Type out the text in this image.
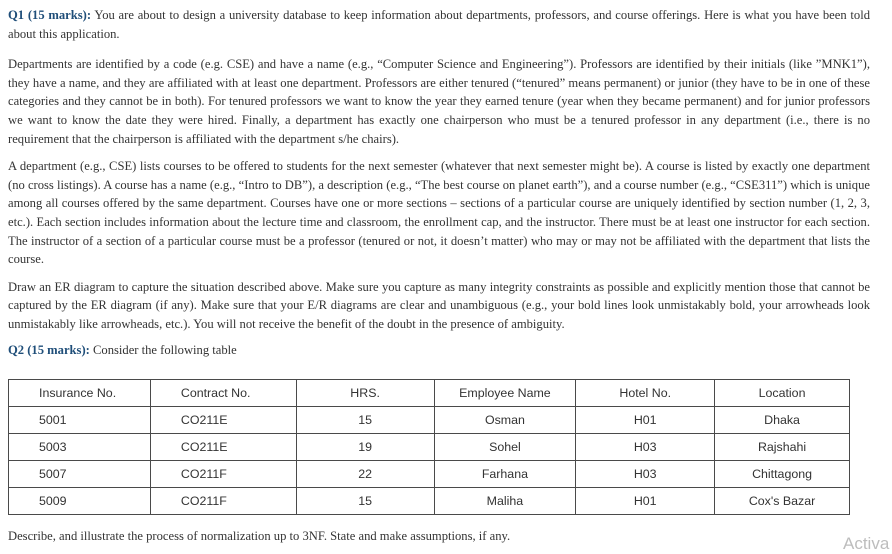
Q1 (15 marks): You are about to design a university database to keep information about departments, professors, and course offerings. Here is what you have been told about this application.

Departments are identified by a code (e.g. CSE) and have a name (e.g., “Computer Science and Engineering”). Professors are identified by their initials (like ”MNK1”), they have a name, and they are affiliated with at least one department. Professors are either tenured (“tenured” means permanent) or junior (they have to be in one of these categories and they cannot be in both). For tenured professors we want to know the year they earned tenure (year when they became permanent) and for junior professors we want to know the date they were hired. Finally, a department has exactly one chairperson who must be a tenured professor in any department (i.e., there is no requirement that the chairperson is affiliated with the department s/he chairs).

A department (e.g., CSE) lists courses to be offered to students for the next semester (whatever that next semester might be). A course is listed by exactly one department (no cross listings). A course has a name (e.g., “Intro to DB”), a description (e.g., “The best course on planet earth”), and a course number (e.g., “CSE311”) which is unique among all courses offered by the same department. Courses have one or more sections – sections of a particular course are uniquely identified by section number (1, 2, 3, etc.). Each section includes information about the lecture time and classroom, the enrollment cap, and the instructor. There must be at least one instructor for each section. The instructor of a section of a particular course must be a professor (tenured or not, it doesn’t matter) who may or may not be affiliated with the department that lists the course.

Draw an ER diagram to capture the situation described above. Make sure you capture as many integrity constraints as possible and explicitly mention those that cannot be captured by the ER diagram (if any). Make sure that your E/R diagrams are clear and unambiguous (e.g., your bold lines look unmistakably bold, your arrowheads look unmistakably like arrowheads, etc.). You will not receive the benefit of the doubt in the presence of ambiguity.

Q2 (15 marks): Consider the following table

Insurance No.	Contract No.	HRS.	Employee Name	Hotel No.	Location
5001	CO211E	15	Osman	H01	Dhaka
5003	CO211E	19	Sohel	H03	Rajshahi
5007	CO211F	22	Farhana	H03	Chittagong
5009	CO211F	15	Maliha	H01	Cox's Bazar

Describe, and illustrate the process of normalization up to 3NF. State and make assumptions, if any.	Activa
